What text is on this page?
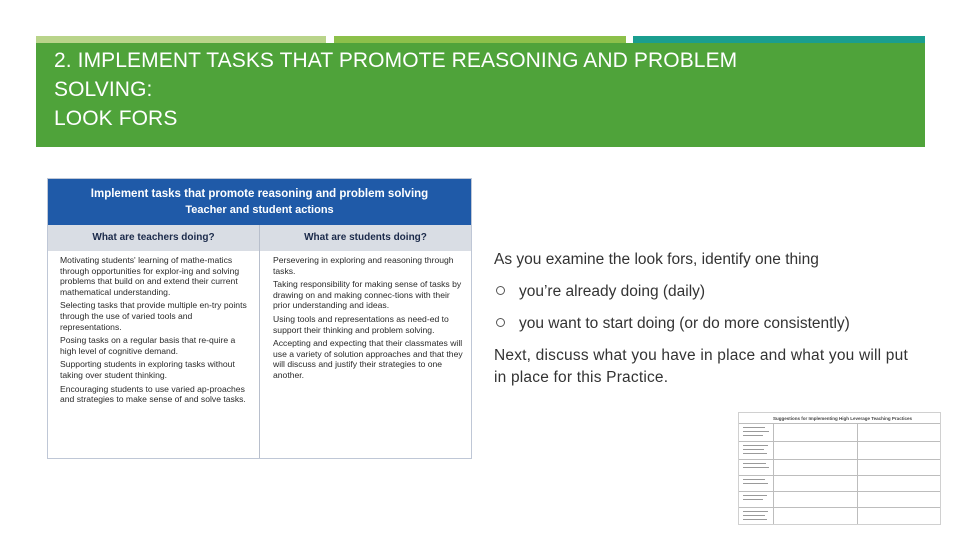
2. IMPLEMENT TASKS THAT PROMOTE REASONING AND PROBLEM
SOLVING:
LOOK FORS
Implement tasks that promote reasoning and problem solving
Teacher and student actions
What are teachers doing?	What are students doing?

Motivating students' learning of mathe-matics through opportunities for explor-ing and solving problems that build on and extend their current mathematical understanding.

Selecting tasks that provide multiple en-try points through the use of varied tools and representations.

Posing tasks on a regular basis that re-quire a high level of cognitive demand.

Supporting students in exploring tasks without taking over student thinking.

Encouraging students to use varied ap-proaches and strategies to make sense of and solve tasks.

Persevering in exploring and reasoning through tasks.

Taking responsibility for making sense of tasks by drawing on and making connec-tions with their prior understanding and ideas.

Using tools and representations as need-ed to support their thinking and problem solving.

Accepting and expecting that their classmates will use a variety of solution approaches and that they will discuss and justify their strategies to one another.

As you examine the look fors, identify one thing
you’re already doing (daily)
you want to start doing (or do more consistently)
Next, discuss what you have in place and what you will put in place for this Practice.
Suggestions for Implementing High Leverage Teaching Practices
